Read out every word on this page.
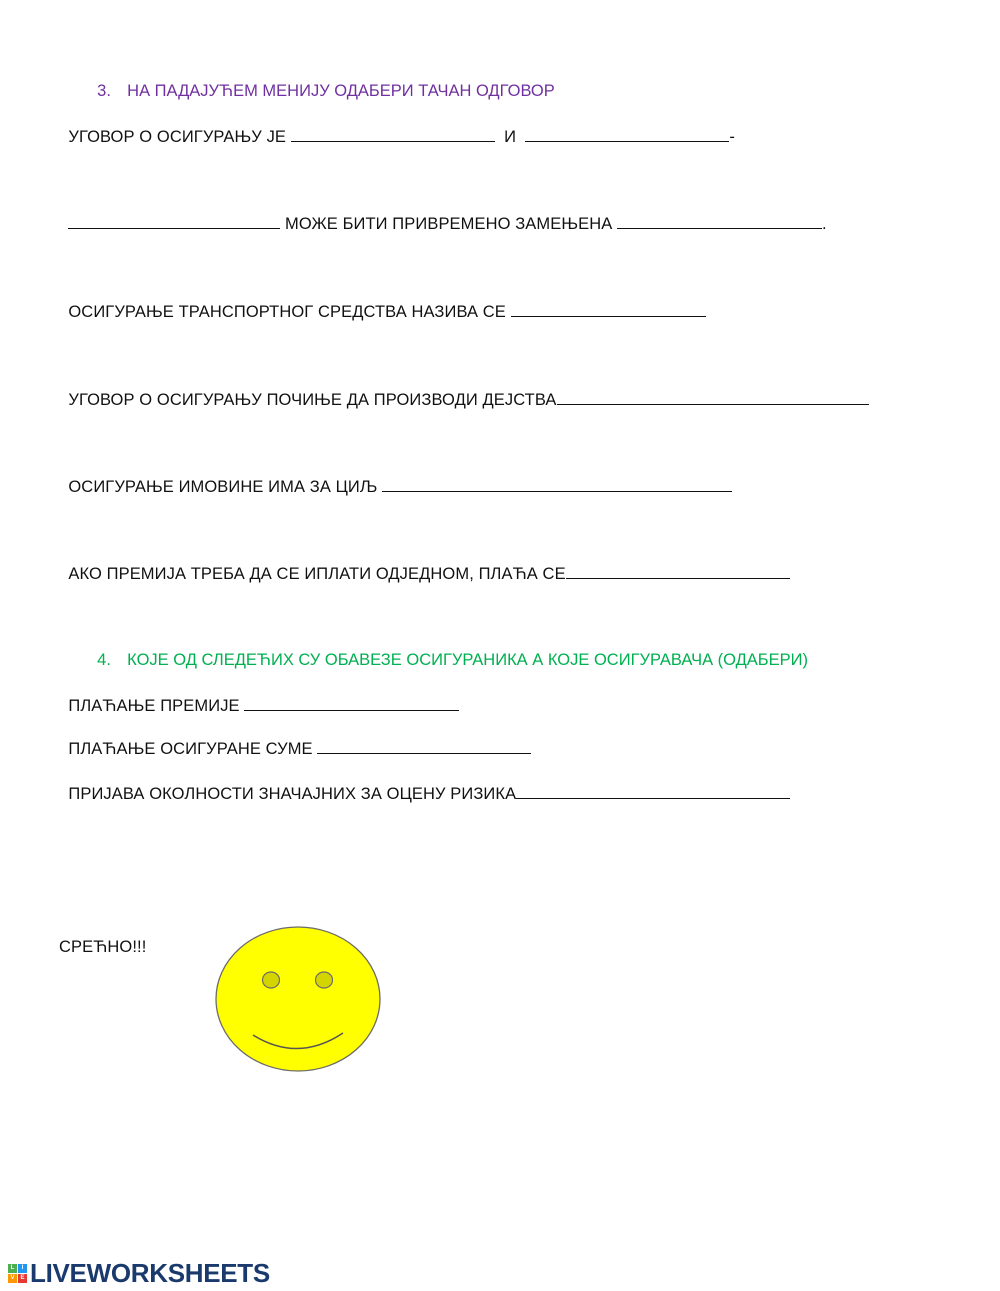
3. НА ПАДАЈУЋЕМ МЕНИЈУ ОДАБЕРИ ТАЧАН ОДГОВОР

УГОВОР О ОСИГУРАЊУ ЈЕ	И	-

МОЖЕ БИТИ ПРИВРЕМЕНО ЗАМЕЊЕНА	.

ОСИГУРАЊЕ ТРАНСПОРТНОГ СРЕДСТВА НАЗИВА СЕ

УГОВОР О ОСИГУРАЊУ ПОЧИЊЕ ДА ПРОИЗВОДИ ДЕЈСТВА

ОСИГУРАЊЕ ИМОВИНЕ ИМА ЗА ЦИЉ

АКО ПРЕМИЈА ТРЕБА ДА СЕ ИПЛАТИ ОДЈЕДНОМ, ПЛАЋА СЕ

4. КОЈЕ ОД СЛЕДЕЋИХ СУ ОБАВЕЗЕ ОСИГУРАНИКА А КОЈЕ ОСИГУРАВАЧА (ОДАБЕРИ)

ПЛАЋАЊЕ ПРЕМИЈЕ

ПЛАЋАЊЕ ОСИГУРАНЕ СУМЕ

ПРИЈАВА ОКОЛНОСТИ ЗНАЧАЈНИХ ЗА ОЦЕНУ РИЗИКА

СРЕЋНО!!!
L	I
V E LIVEWORKSHEETS
